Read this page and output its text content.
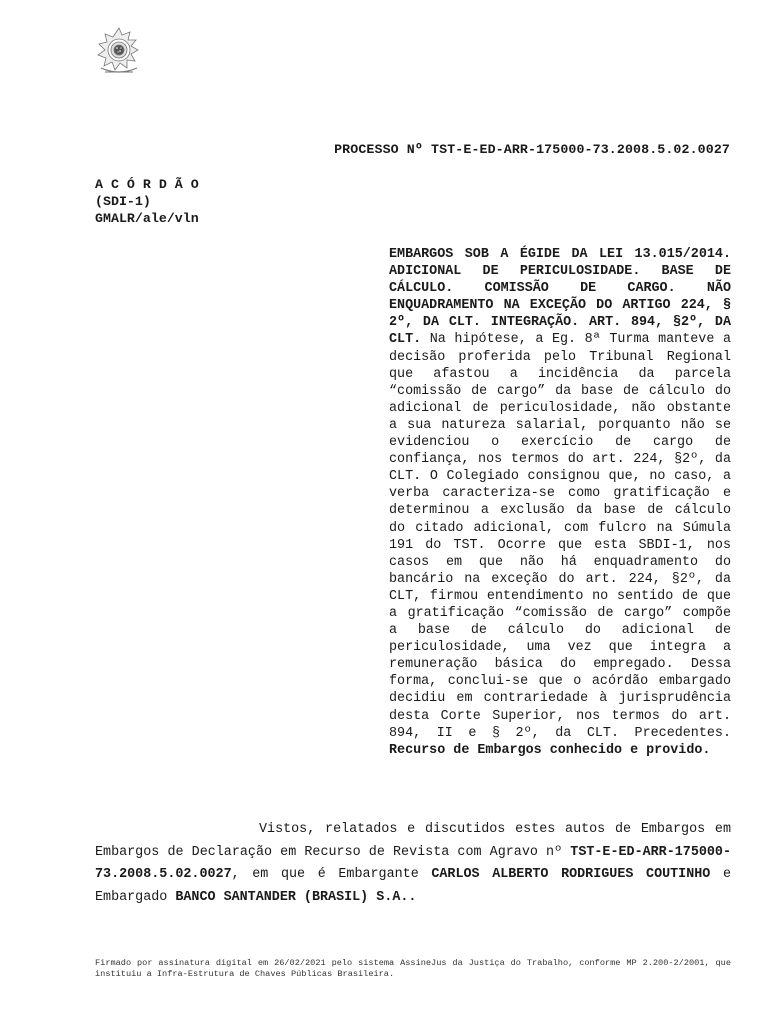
PROCESSO Nº TST-E-ED-ARR-175000-73.2008.5.02.0027
A C Ó R D Ã O
(SDI-1)
GMALR/ale/vln
EMBARGOS SOB A ÉGIDE DA LEI 13.015/2014. ADICIONAL DE PERICULOSIDADE. BASE DE CÁLCULO. COMISSÃO DE CARGO. NÃO ENQUADRAMENTO NA EXCEÇÃO DO ARTIGO 224, § 2º, DA CLT. INTEGRAÇÃO. ART. 894, §2º, DA CLT. Na hipótese, a Eg. 8ª Turma manteve a decisão proferida pelo Tribunal Regional que afastou a incidência da parcela “comissão de cargo” da base de cálculo do adicional de periculosidade, não obstante a sua natureza salarial, porquanto não se evidenciou o exercício de cargo de confiança, nos termos do art. 224, §2º, da CLT. O Colegiado consignou que, no caso, a verba caracteriza-se como gratificação e determinou a exclusão da base de cálculo do citado adicional, com fulcro na Súmula 191 do TST. Ocorre que esta SBDI-1, nos casos em que não há enquadramento do bancário na exceção do art. 224, §2º, da CLT, firmou entendimento no sentido de que a gratificação “comissão de cargo” compõe a base de cálculo do adicional de periculosidade, uma vez que integra a remuneração básica do empregado. Dessa forma, conclui-se que o acórdão embargado decidiu em contrariedade à jurisprudência desta Corte Superior, nos termos do art. 894, II e § 2º, da CLT. Precedentes. Recurso de Embargos conhecido e provido.
Vistos, relatados e discutidos estes autos de Embargos em Embargos de Declaração em Recurso de Revista com Agravo nº TST-E-ED-ARR-175000-73.2008.5.02.0027, em que é Embargante CARLOS ALBERTO RODRIGUES COUTINHO e Embargado BANCO SANTANDER (BRASIL) S.A..
Firmado por assinatura digital em 26/02/2021 pelo sistema AssineJus da Justiça do Trabalho, conforme MP 2.200-2/2001, que instituiu a Infra-Estrutura de Chaves Públicas Brasileira.
